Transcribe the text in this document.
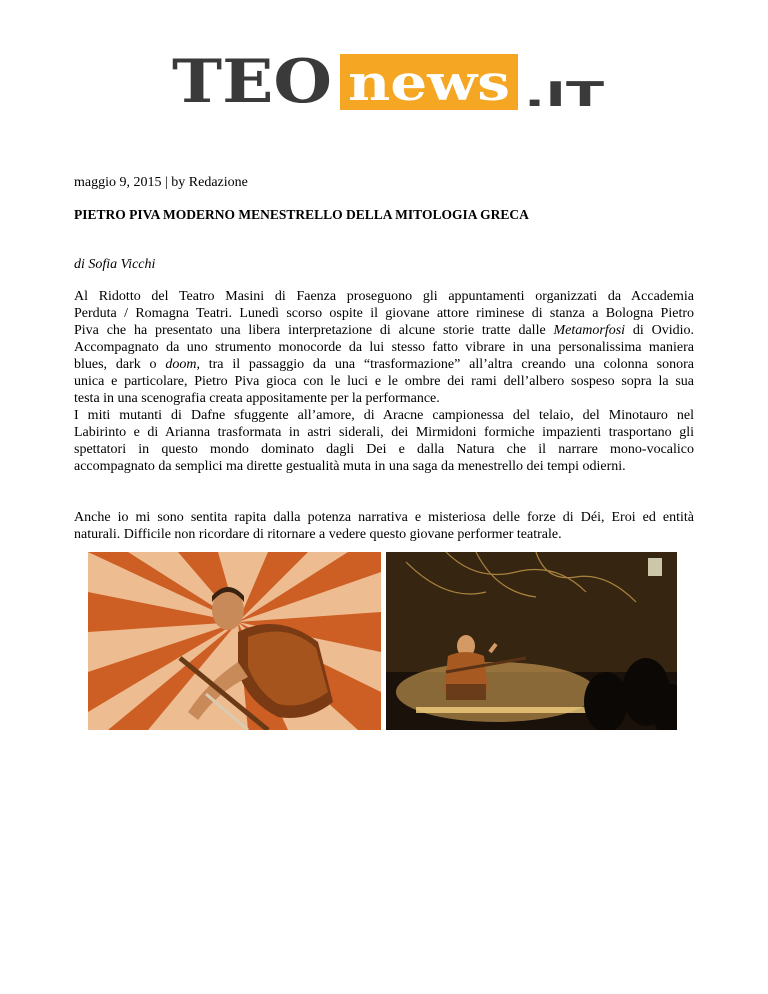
TEO news .IT
maggio 9, 2015 | by Redazione
PIETRO PIVA MODERNO MENESTRELLO DELLA MITOLOGIA GRECA
di Sofia Vicchi
Al Ridotto del Teatro Masini di Faenza proseguono gli appuntamenti organizzati da Accademia
Perduta / Romagna Teatri. Lunedì scorso ospite il giovane attore riminese di stanza a Bologna Pietro
Piva che ha presentato una libera interpretazione di alcune storie tratte dalle Metamorfosi di Ovidio.
Accompagnato da uno strumento monocorde da lui stesso fatto vibrare in una personalissima maniera
blues, dark o doom, tra il passaggio da una “trasformazione” all’altra creando una colonna sonora
unica e particolare, Pietro Piva gioca con le luci e le ombre dei rami dell’albero sospeso sopra la sua
testa in una scenografia creata appositamente per la performance.
I miti mutanti di Dafne sfuggente all’amore, di Aracne campionessa del telaio, del Minotauro nel
Labirinto e di Arianna trasformata in astri siderali, dei Mirmidoni formiche impazienti trasportano gli
spettatori in questo mondo dominato dagli Dei e dalla Natura che il narrare mono-vocalico
accompagnato da semplici ma dirette gestualità muta in una saga da menestrello dei tempi odierni.
Anche io mi sono sentita rapita dalla potenza narrativa e misteriosa delle forze di Déi, Eroi ed entità
naturali. Difficile non ricordare di ritornare a vedere questo giovane performer teatrale.
